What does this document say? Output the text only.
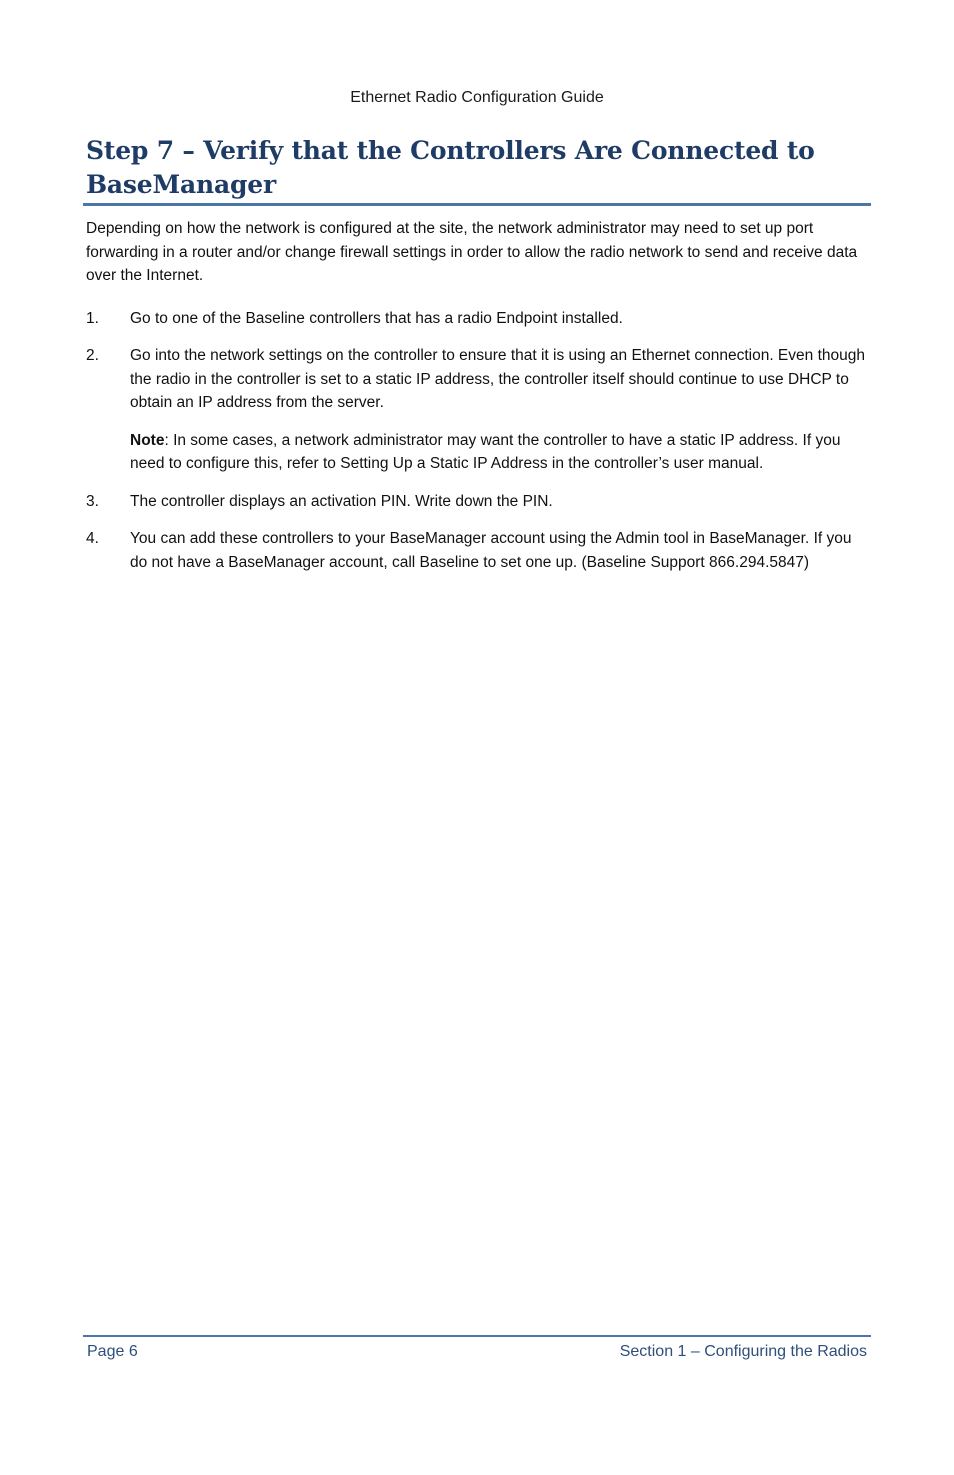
Ethernet Radio Configuration Guide
Step 7 – Verify that the Controllers Are Connected to BaseManager

Depending on how the network is configured at the site, the network administrator may need to set up port forwarding in a router and/or change firewall settings in order to allow the radio network to send and receive data over the Internet.

1.	Go to one of the Baseline controllers that has a radio Endpoint installed.

2.	Go into the network settings on the controller to ensure that it is using an Ethernet connection. Even though the radio in the controller is set to a static IP address, the controller itself should continue to use DHCP to obtain an IP address from the server.

Note: In some cases, a network administrator may want the controller to have a static IP address. If you need to configure this, refer to Setting Up a Static IP Address in the controller’s user manual.

3.	The controller displays an activation PIN. Write down the PIN.

4.	You can add these controllers to your BaseManager account using the Admin tool in BaseManager. If you do not have a BaseManager account, call Baseline to set one up. (Baseline Support 866.294.5847)

Page 6	Section 1 – Configuring the Radios
